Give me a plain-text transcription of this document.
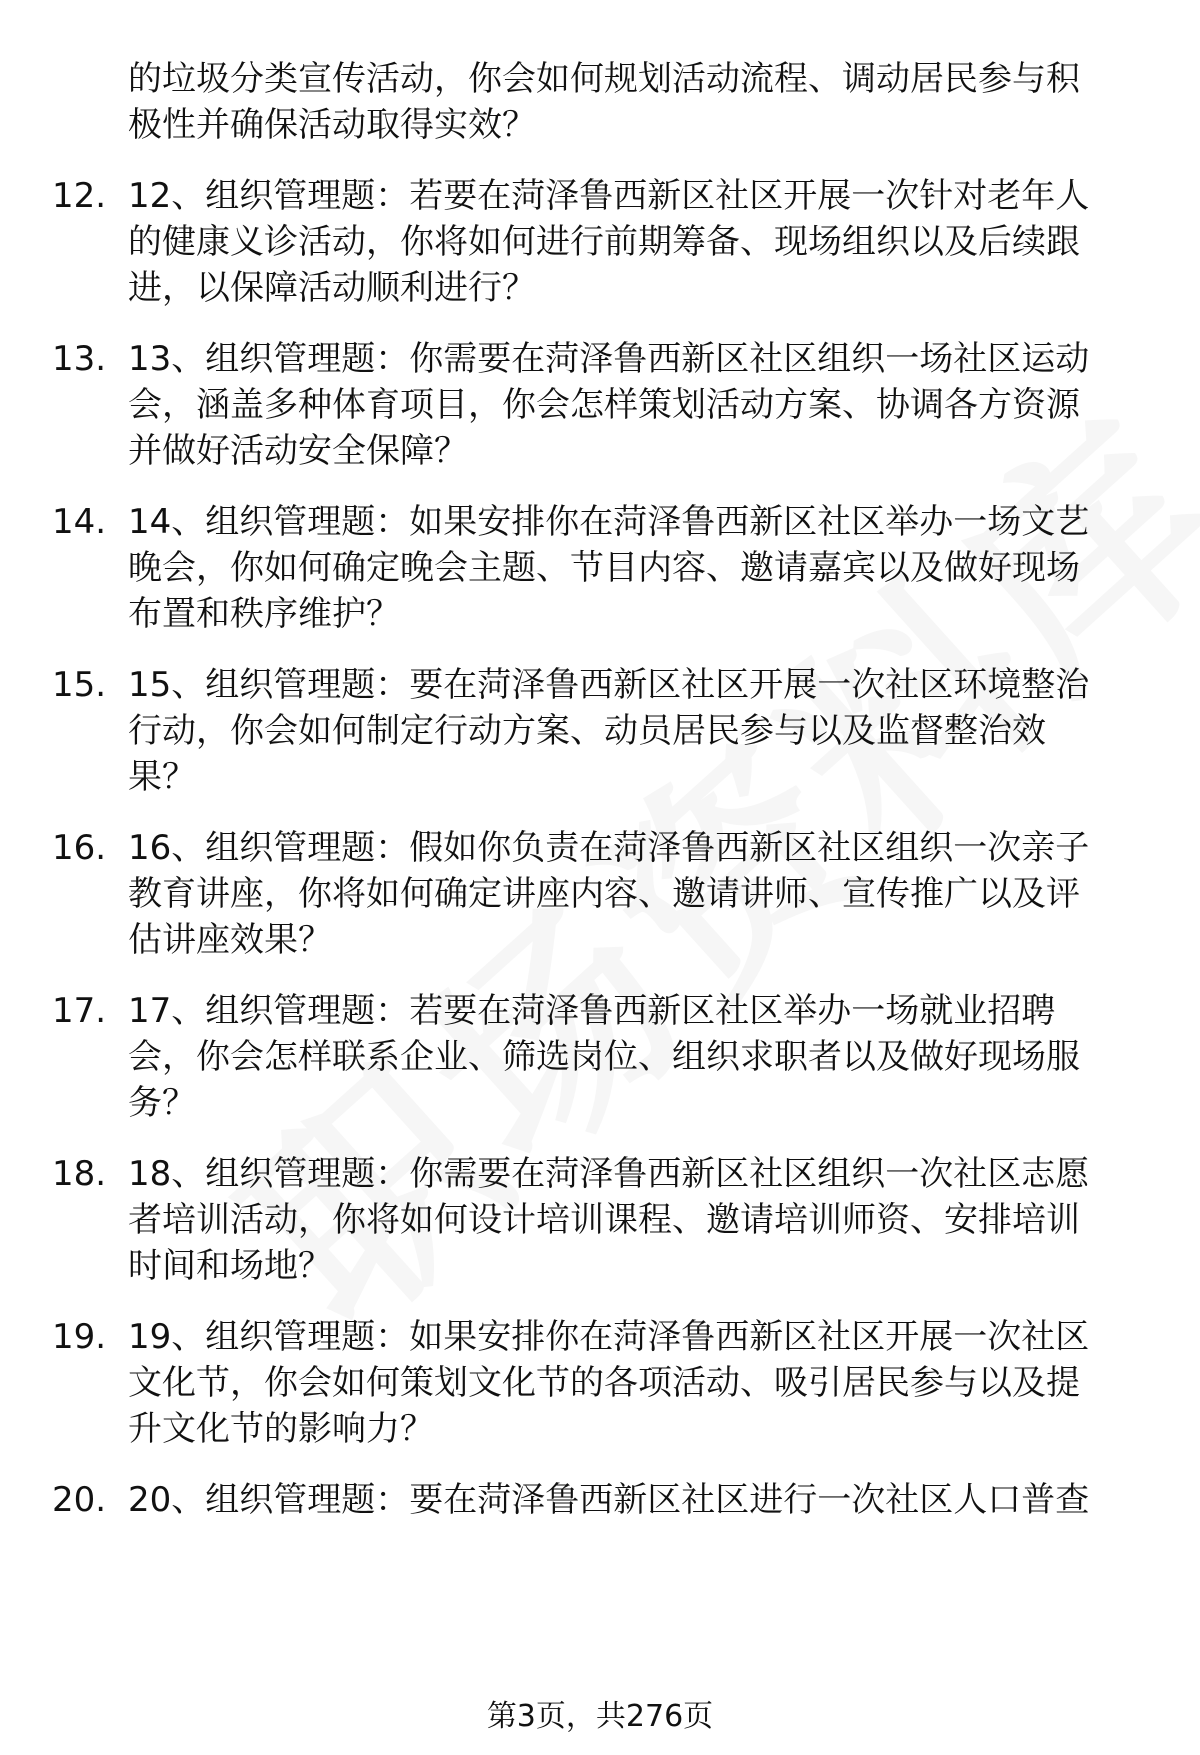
的垃圾分类宣传活动，你会如何规划活动流程、调动居民参与积
极性并确保活动取得实效？
12. 12、组织管理题：若要在菏泽鲁西新区社区开展一次针对老年人
的健康义诊活动，你将如何进行前期筹备、现场组织以及后续跟
进，以保障活动顺利进行？
13. 13、组织管理题：你需要在菏泽鲁西新区社区组织一场社区运动
会，涵盖多种体育项目，你会怎样策划活动方案、协调各方资源
并做好活动安全保障？
14. 14、组织管理题：如果安排你在菏泽鲁西新区社区举办一场文艺
晚会，你如何确定晚会主题、节目内容、邀请嘉宾以及做好现场
布置和秩序维护？
15. 15、组织管理题：要在菏泽鲁西新区社区开展一次社区环境整治
行动，你会如何制定行动方案、动员居民参与以及监督整治效
果？
16. 16、组织管理题：假如你负责在菏泽鲁西新区社区组织一次亲子
教育讲座，你将如何确定讲座内容、邀请讲师、宣传推广以及评
估讲座效果？
17. 17、组织管理题：若要在菏泽鲁西新区社区举办一场就业招聘
会，你会怎样联系企业、筛选岗位、组织求职者以及做好现场服
务？
18. 18、组织管理题：你需要在菏泽鲁西新区社区组织一次社区志愿
者培训活动，你将如何设计培训课程、邀请培训师资、安排培训
时间和场地？
19. 19、组织管理题：如果安排你在菏泽鲁西新区社区开展一次社区
文化节，你会如何策划文化节的各项活动、吸引居民参与以及提
升文化节的影响力？
20. 20、组织管理题：要在菏泽鲁西新区社区进行一次社区人口普查
第3页，共276页
